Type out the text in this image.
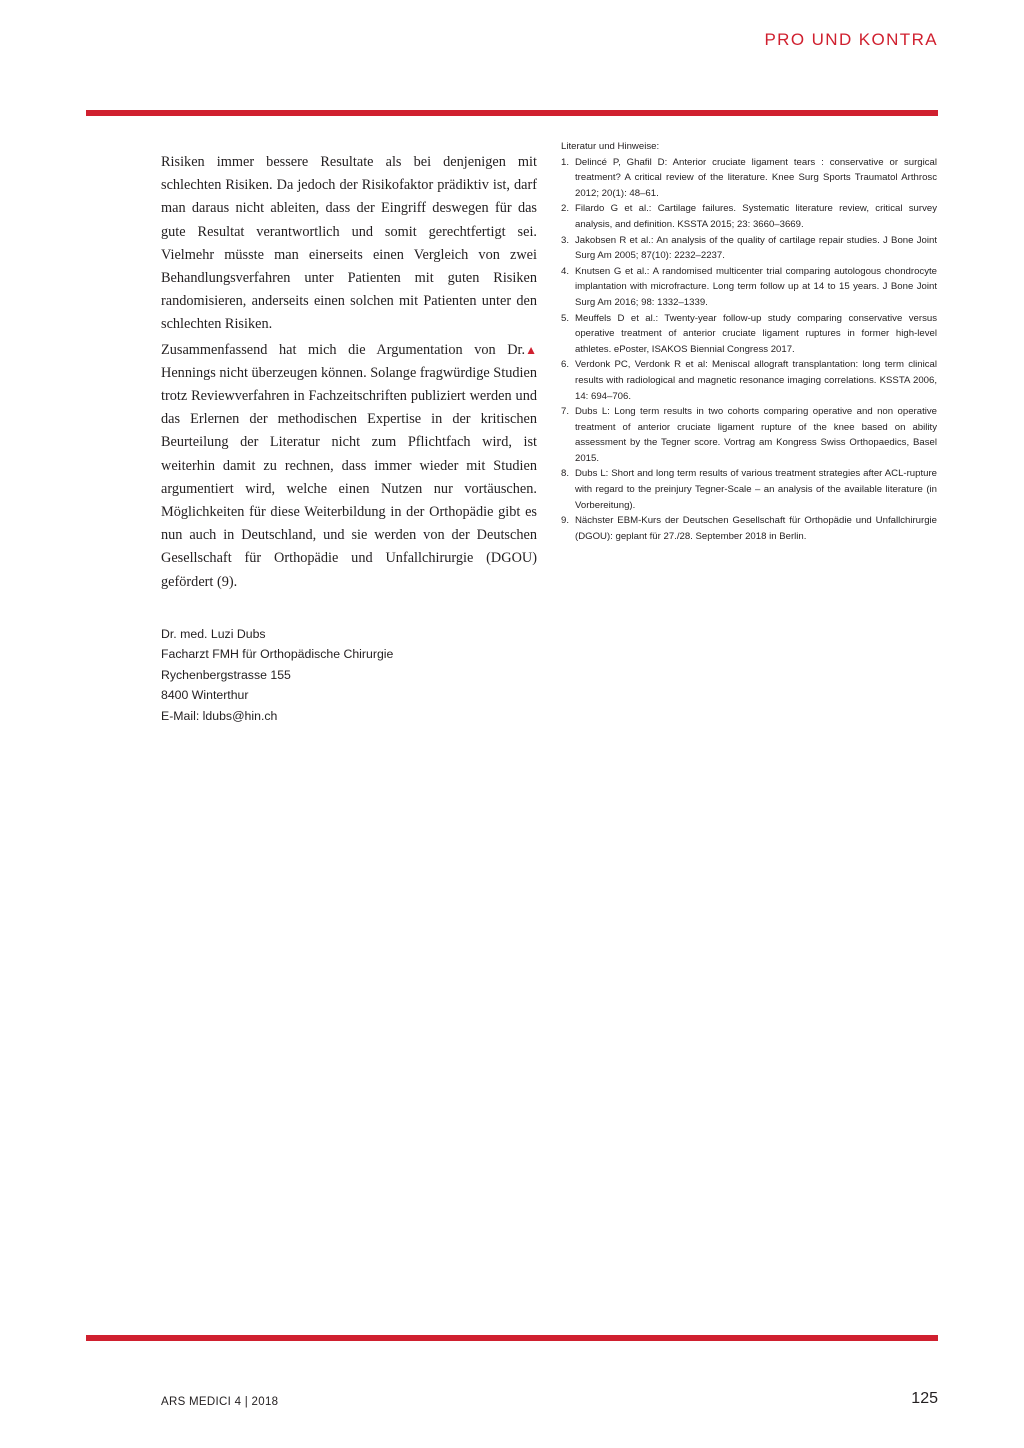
PRO UND KONTRA

Risiken immer bessere Resultate als bei denjenigen mit schlechten Risiken. Da jedoch der Risikofaktor prädiktiv ist, darf man daraus nicht ableiten, dass der Eingriff deswegen für das gute Resultat verantwortlich und somit gerechtfertigt sei. Vielmehr müsste man einerseits einen Vergleich von zwei Behandlungsverfahren unter Patienten mit guten Risiken randomisieren, anderseits einen solchen mit Patienten unter den schlechten Risiken.

▲
Zusammenfassend hat mich die Argumentation von Dr. Hennings nicht überzeugen können. Solange fragwürdige Studien trotz Reviewverfahren in Fachzeitschriften publiziert werden und das Erlernen der methodischen Expertise in der kritischen Beurteilung der Literatur nicht zum Pflichtfach wird, ist weiterhin damit zu rechnen, dass immer wieder mit Studien argumentiert wird, welche einen Nutzen nur vortäuschen. Möglichkeiten für diese Weiterbildung in der Orthopädie gibt es nun auch in Deutschland, und sie werden von der Deutschen Gesellschaft für Orthopädie und Unfallchirurgie (DGOU) gefördert (9).

Dr. med. Luzi Dubs
Facharzt FMH für Orthopädische Chirurgie
Rychenbergstrasse 155
8400 Winterthur
E-Mail: ldubs@hin.ch

Literatur und Hinweise:

1. Delincé P, Ghafil D: Anterior cruciate ligament tears : conservative or surgical treatment? A critical review of the literature. Knee Surg Sports Traumatol Arthrosc 2012; 20(1): 48–61.
2. Filardo G et al.: Cartilage failures. Systematic literature review, critical survey analysis, and definition. KSSTA 2015; 23: 3660–3669.
3. Jakobsen R et al.: An analysis of the quality of cartilage repair studies. J Bone Joint Surg Am 2005; 87(10): 2232–2237.
4. Knutsen G et al.: A randomised multicenter trial comparing autologous chondrocyte implantation with microfracture. Long term follow up at 14 to 15 years. J Bone Joint Surg Am 2016; 98: 1332–1339.
5. Meuffels D et al.: Twenty-year follow-up study comparing conservative versus operative treatment of anterior cruciate ligament ruptures in former high-level athletes. ePoster, ISAKOS Biennial Congress 2017.
6. Verdonk PC, Verdonk R et al: Meniscal allograft transplantation: long term clinical results with radiological and magnetic resonance imaging correlations. KSSTA 2006, 14: 694–706.
7. Dubs L: Long term results in two cohorts comparing operative and non operative treatment of anterior cruciate ligament rupture of the knee based on ability assessment by the Tegner score. Vortrag am Kongress Swiss Orthopaedics, Basel 2015.
8. Dubs L: Short and long term results of various treatment strategies after ACL-rupture with regard to the preinjury Tegner-Scale – an analysis of the available literature (in Vorbereitung).
9. Nächster EBM-Kurs der Deutschen Gesellschaft für Orthopädie und Unfallchirurgie (DGOU): geplant für 27./28. September 2018 in Berlin.
ARS MEDICI 4 | 2018	125
